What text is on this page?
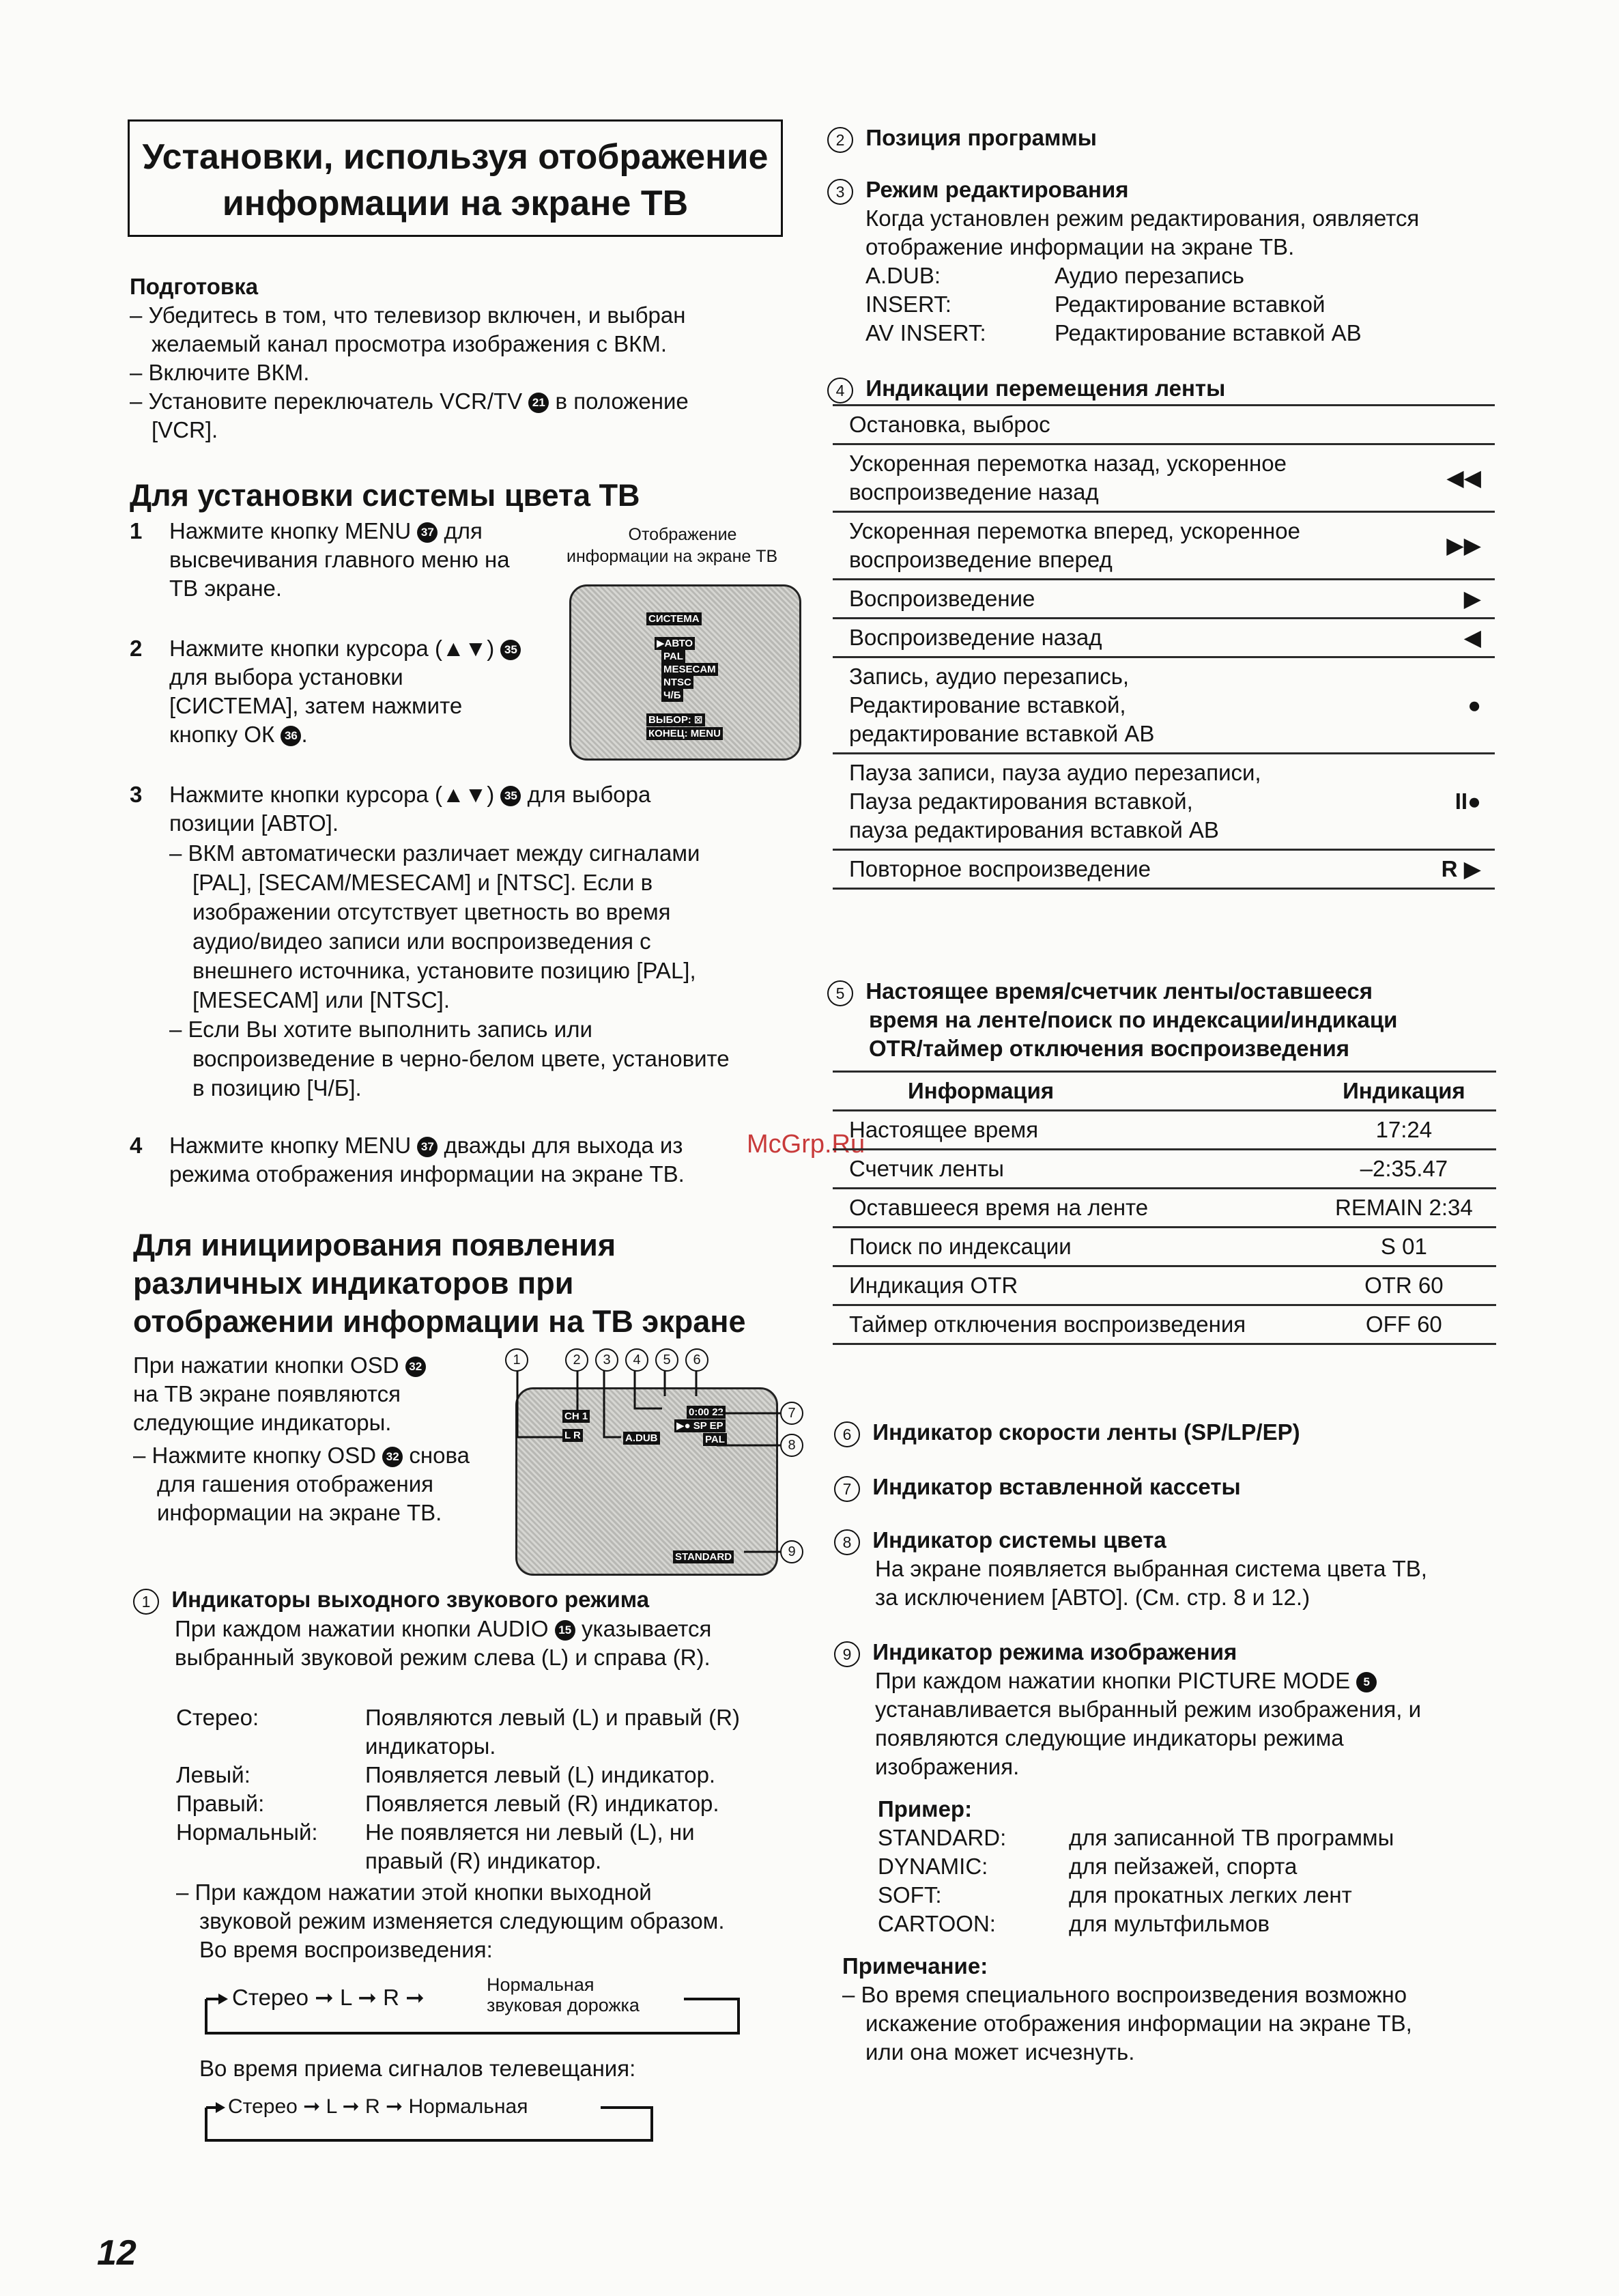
Установки, используя отображение
информации на экране ТВ
Подготовка
– Убедитесь в том, что телевизор включен, и выбран
желаемый канал просмотра изображения с ВКМ.
– Включите ВКМ.
– Установите переключатель VCR/TV 21 в положение
[VCR].
Для установки системы цвета ТВ
1 Нажмите кнопку MENU 37 для
высвечивания главного меню на
ТВ экране.
Отображение
информации на экране ТВ
СИСТЕМА
▶АВТО
PAL
MESECAM
NTSC
Ч/Б
ВЫБОР: ⊠
КОНЕЦ: MENU
2 Нажмите кнопки курсора (▲▼) 35
для выбора установки
[СИСТЕМА], затем нажмите
кнопку ОК 36 .
3 Нажмите кнопки курсора (▲▼) 35 для выбора
позиции [АВТО].
– ВКМ автоматически различает между сигналами
[PAL], [SECAM/MESECAM] и [NTSC]. Если в
изображении отсутствует цветность во время
аудио/видео записи или воспроизведения с
внешнего источника, установите позицию [PAL],
[MESECAM] или [NTSC].
– Если Вы хотите выполнить запись или
воспроизведение в черно-белом цвете, установите
в позицию [Ч/Б].
4 Нажмите кнопку MENU 37 дважды для выхода из
режима отображения информации на экране ТВ.
McGrp.Ru
Для инициирования появления
различных индикаторов при
отображении информации на ТВ экране
При нажатии кнопки OSD 32
на ТВ экране появляются
следующие индикаторы.
– Нажмите кнопку OSD 32 снова
для гашения отображения
информации на экране ТВ.
CH 1
L R	A.DUB
0:00 22
▶● SP EP
PAL
STANDARD
1	2	3	4	5	6
7
8
9
1 Индикаторы выходного звукового режима
При каждом нажатии кнопки AUDIO 15 указывается
выбранный звуковой режим слева (L) и справа (R).
Стерео:	Появляются левый (L) и правый (R)
индикаторы.
Левый:	Появляется левый (L) индикатор.
Правый:	Появляется левый (R) индикатор.
Нормальный: Не появляется ни левый (L), ни
правый (R) индикатор.
– При каждом нажатии этой кнопки выходной
звуковой режим изменяется следующим образом.
Во время воспроизведения:
Стерео ➞ L ➞ R ➞	Нормальная
звуковая дорожка
Во время приема сигналов телевещания:
Стерео ➞ L ➞ R ➞ Нормальная
12
2 Позиция программы
3 Режим редактирования
Когда установлен режим редактирования, оявляется
отображение информации на экране ТВ.
A.DUB:	Аудио перезапись
INSERT:	Редактирование вставкой
AV INSERT:	Редактирование вставкой АВ
4 Индикации перемещения ленты
Остановка, выброс	

Ускоренная перемотка назад, ускоренное
воспроизведение назад	◀◀

Ускоренная перемотка вперед, ускоренное
воспроизведение вперед	▶▶

Воспроизведение	▶

Воспроизведение назад	◀

Запись, аудио перезапись,
Редактирование вставкой,
редактирование вставкой АВ	●

Пауза записи, пауза аудио перезаписи,
Пауза редактирования вставкой,
пауза редактирования вставкой АВ	II●

Повторное воспроизведение	R ▶
5 Настоящее время/счетчик ленты/оставшееся
время на ленте/поиск по индексации/индикаци
OTR/таймер отключения воспроизведения
Информация	Индикация
Настоящее время	17:24
Счетчик ленты	–2:35.47
Оставшееся время на ленте	REMAIN 2:34
Поиск по индексации	S 01
Индикация OTR	OTR 60
Таймер отключения воспроизведения	OFF 60
6 Индикатор скорости ленты (SP/LP/EP)
7 Индикатор вставленной кассеты
8 Индикатор системы цвета
На экране появляется выбранная система цвета ТВ,
за исключением [АВТО]. (См. стр. 8 и 12.)
9 Индикатор режима изображения
При каждом нажатии кнопки PICTURE MODE 5
устанавливается выбранный режим изображения, и
появляются следующие индикаторы режима
изображения.
Пример:
STANDARD:	для записанной ТВ программы
DYNAMIC:	для пейзажей, спорта
SOFT:	для прокатных легких лент
CARTOON:	для мультфильмов
Примечание:
– Во время специального воспроизведения возможно
искажение отображения информации на экране ТВ,
или она может исчезнуть.
